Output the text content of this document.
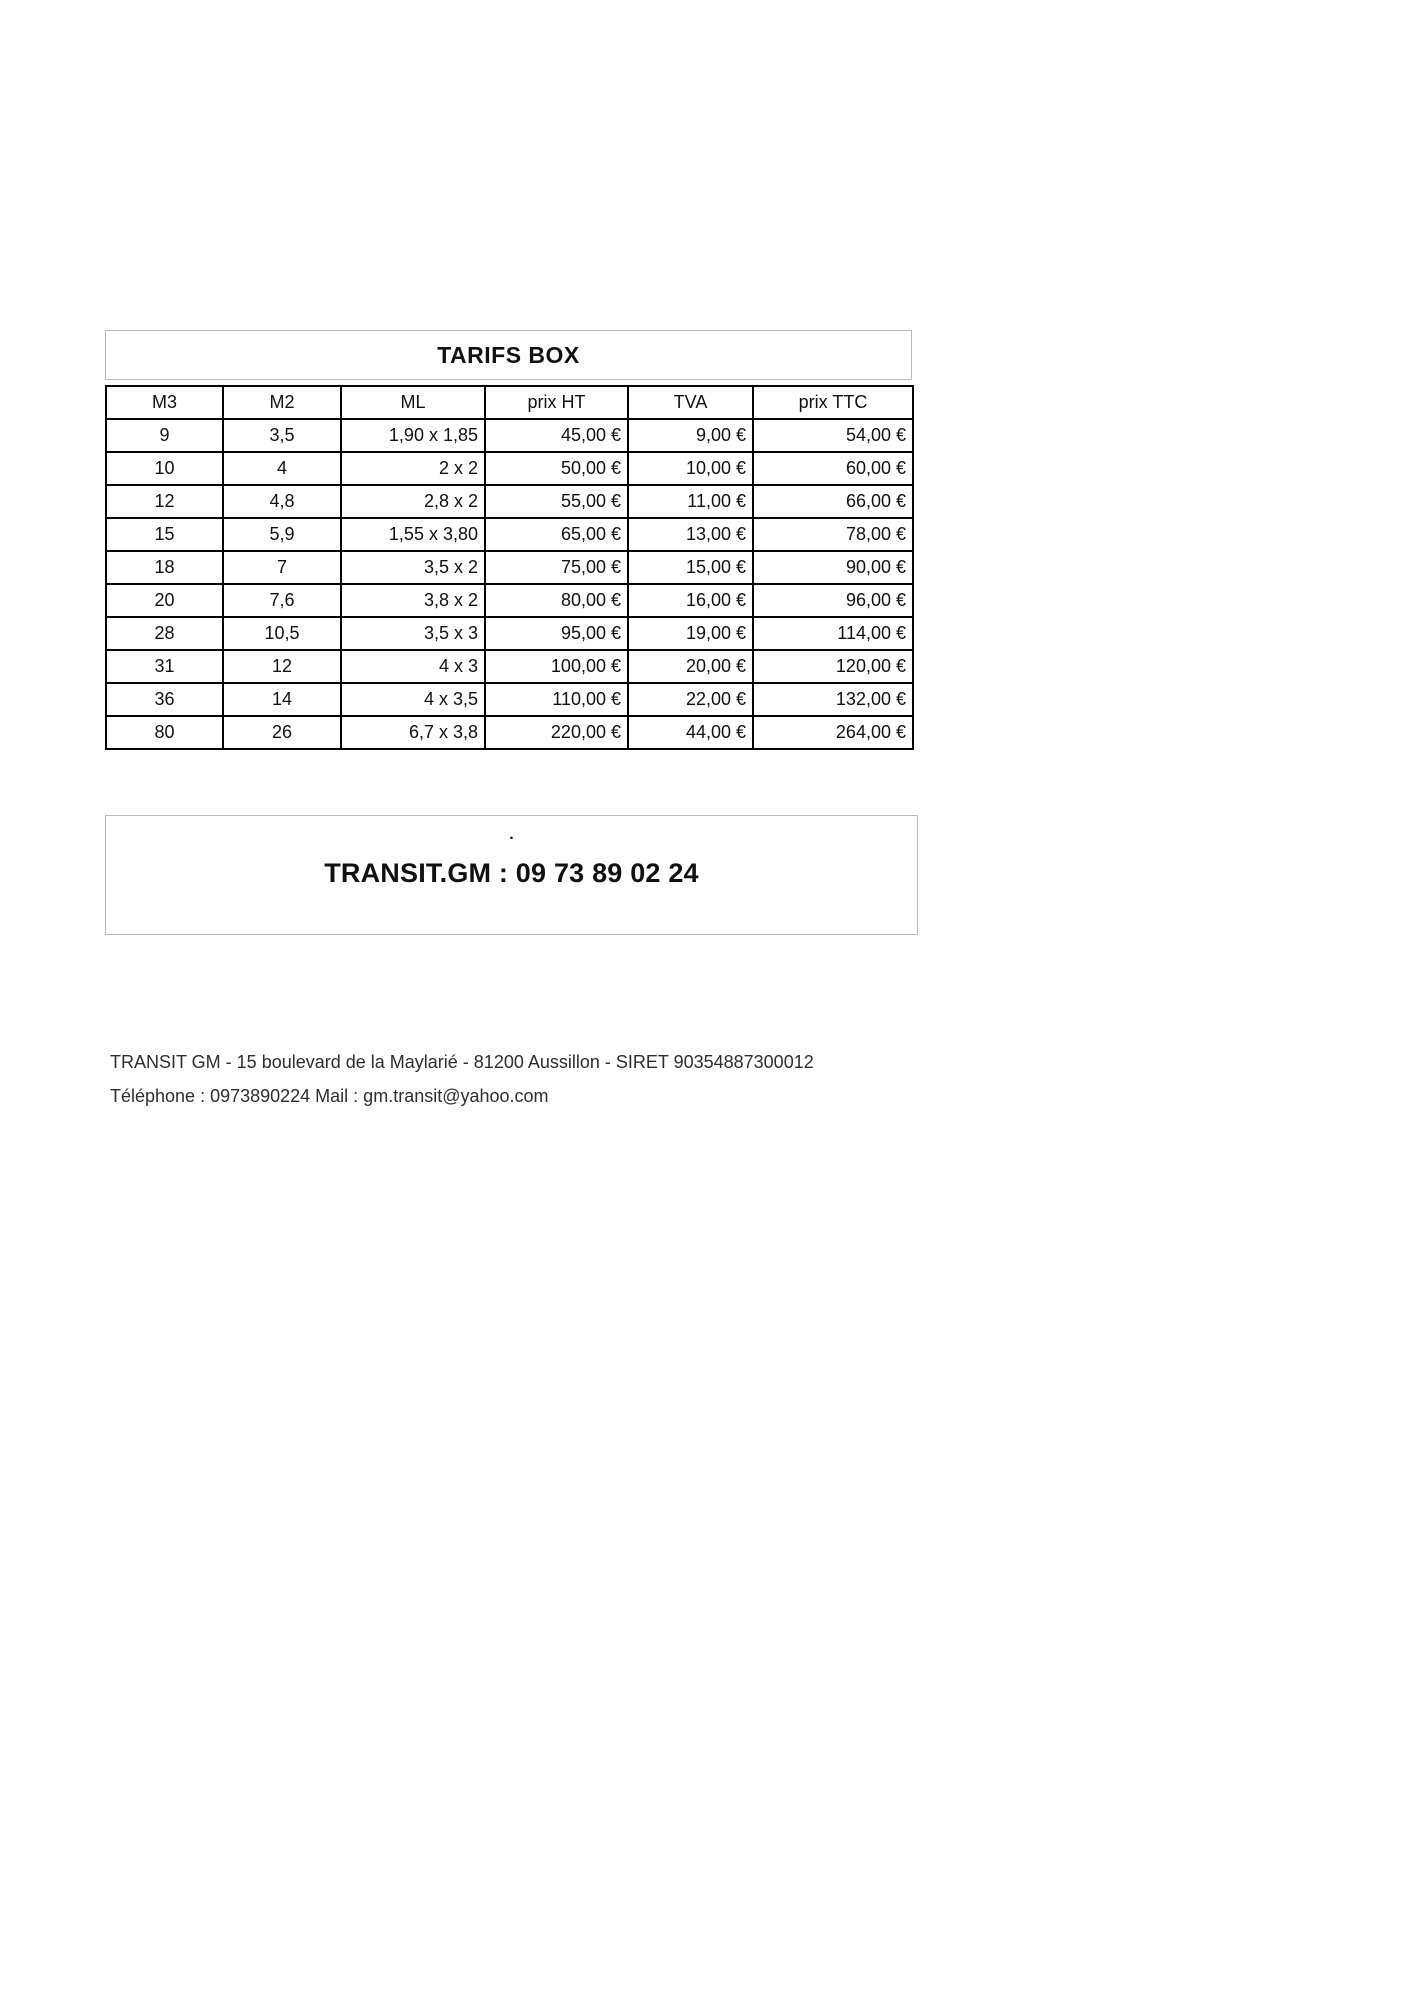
TARIFS BOX
M3	M2	ML	prix HT	TVA	prix TTC
9	3,5	1,90 x 1,85	45,00 €	9,00 €	54,00 €
10	4	2 x 2	50,00 €	10,00 €	60,00 €
12	4,8	2,8 x 2	55,00 €	11,00 €	66,00 €
15	5,9	1,55 x 3,80	65,00 €	13,00 €	78,00 €
18	7	3,5 x 2	75,00 €	15,00 €	90,00 €
20	7,6	3,8 x 2	80,00 €	16,00 €	96,00 €
28	10,5	3,5 x 3	95,00 €	19,00 €	114,00 €
31	12	4 x 3	100,00 €	20,00 €	120,00 €
36	14	4 x 3,5	110,00 €	22,00 €	132,00 €
80	26	6,7 x 3,8	220,00 €	44,00 €	264,00 €
.
TRANSIT.GM : 09 73 89 02 24
TRANSIT GM - 15 boulevard de la Maylarié - 81200 Aussillon - SIRET 90354887300012
Téléphone : 0973890224 Mail : gm.transit@yahoo.com
